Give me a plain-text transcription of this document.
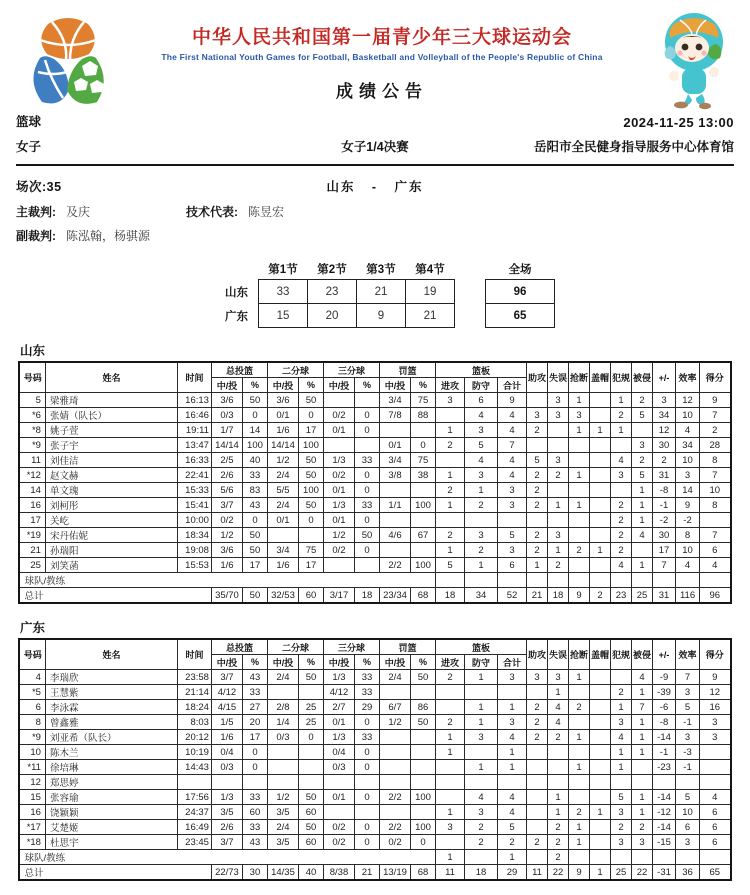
中华人民共和国第一届青少年三大球运动会
The First National Youth Games for Football, Basketball and Volleyball of the People's Republic of China
成绩公告
篮球	2024-11-25 13:00
女子	女子1/4决赛	岳阳市全民健身指导服务中心体育馆
场次:35	山东 - 广东
主裁判: 及庆	技术代表: 陈昱宏
副裁判: 陈泓翰，杨骐源
	第1节	第2节	第3节	第4节		全场
山东	33	23	21	19		96
广东	15	20	9	21		65
山东
号码	姓名	时间	总投篮		二分球		三分球		罚篮		篮板			助攻	失误	抢断	盖帽	犯规	被侵	+/-	效率	得分
			中/投	%	中/投	%	中/投	%	中/投	%	进攻	防守	合计									
5	梁雅琦	16:13	3/6	50	3/6	50			3/4	75	3	6	9		3	1		1	2	3	12	9
*6	张婧（队长）	16:46	0/3	0	0/1	0	0/2	0	7/8	88		4	4	3	3	3		2	5	34	10	7
*8	姚子萱	19:11	1/7	14	1/6	17	0/1	0			1	3	4	2		1	1	1		12	4	2
*9	张子宇	13:47	14/14	100	14/14	100			0/1	0	2	5	7						3	30	34	28
11	刘佳洁	16:33	2/5	40	1/2	50	1/3	33	3/4	75		4	4	5	3			4	2	2	10	8
*12	赵文赫	22:41	2/6	33	2/4	50	0/2	0	3/8	38	1	3	4	2	2	1		3	5	31	3	7
14	单文瑰	15:33	5/6	83	5/5	100	0/1	0			2	1	3	2					1	-8	14	10
16	刘柯彤	15:41	3/7	43	2/4	50	1/3	33	1/1	100	1	2	3	2	1	1		2	1	-1	9	8
17	关屹	10:00	0/2	0	0/1	0	0/1	0										2	1	-2	-2	
*19	宋丹佑妮	18:34	1/2	50			1/2	50	4/6	67	2	3	5	2	3			2	4	30	8	7
21	孙瑞阳	19:08	3/6	50	3/4	75	0/2	0			1	2	3	2	1	2	1	2		17	10	6
25	刘笑菡	15:53	1/6	17	1/6	17			2/2	100	5	1	6	1	2			4	1	7	4	4
球队/教练																						
总计			35/70	50	32/53	60	3/17	18	23/34	68	18	34	52	21	18	9	2	23	25	31	116	96
广东
号码	姓名	时间	总投篮		二分球		三分球		罚篮		篮板			助攻	失误	抢断	盖帽	犯规	被侵	+/-	效率	得分
			中/投	%	中/投	%	中/投	%	中/投	%	进攻	防守	合计									
4	李瑞欣	23:58	3/7	43	2/4	50	1/3	33	2/4	50	2	1	3	3	3	1			4	-9	7	9
*5	王慧紫	21:14	4/12	33			4/12	33							1			2	1	-39	3	12
6	李泳霖	18:24	4/15	27	2/8	25	2/7	29	6/7	86		1	1	2	4	2		1	7	-6	5	16
8	曾鑫雅	8:03	1/5	20	1/4	25	0/1	0	1/2	50	2	1	3	2	4			3	1	-8	-1	3
*9	刘亚希（队长）	20:12	1/6	17	0/3	0	1/3	33			1	3	4	2	2	1		4	1	-14	3	3
10	陈木兰	10:19	0/4	0			0/4	0			1		1					1	1	-1	-3	
*11	徐培琳	14:43	0/3	0			0/3	0				1	1			1		1		-23	-1	
12	郑思婷																					
15	张容瑜	17:56	1/3	33	1/2	50	0/1	0	2/2	100		4	4		1			5	1	-14	5	4
16	饶颖颖	24:37	3/5	60	3/5	60					1	3	4		1	2	1	3	1	-12	10	6
*17	艾楚姬	16:49	2/6	33	2/4	50	0/2	0	2/2	100	3	2	5		2	1		2	2	-14	6	6
*18	杜思宇	23:45	3/7	43	3/5	60	0/2	0	0/2	0		2	2	2	2	1		3	3	-15	3	6
球队/教练											1		1		2							
总计			22/73	30	14/35	40	8/38	21	13/19	68	11	18	29	11	22	9	1	25	22	-31	36	65
